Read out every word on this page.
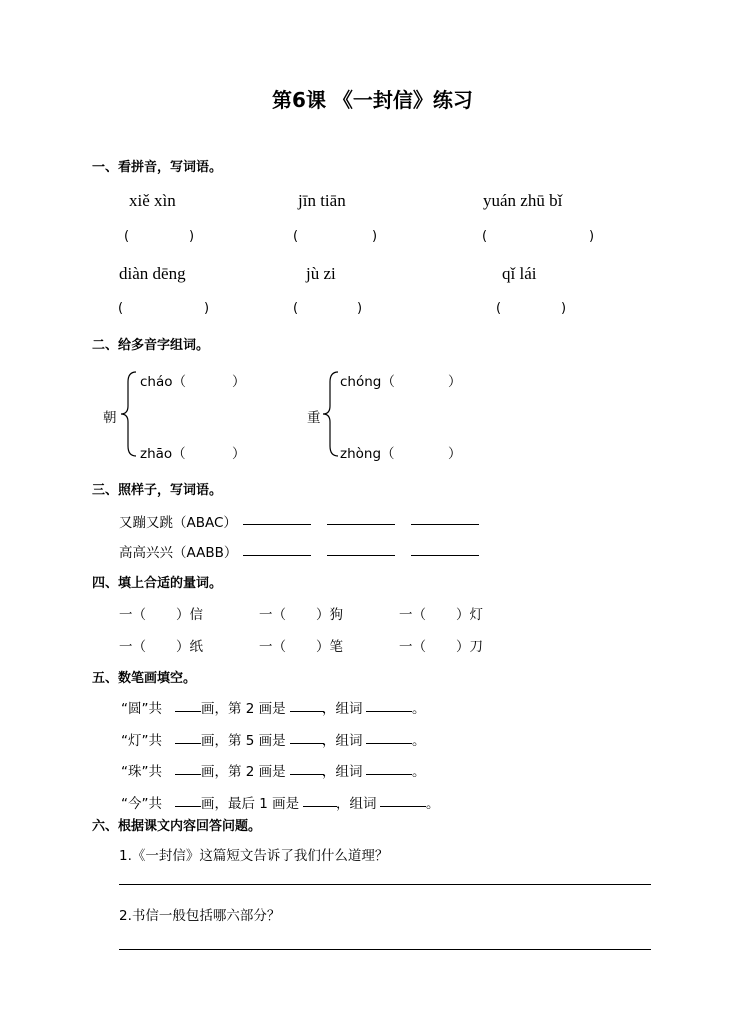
第6课 《一封信》练习
一、看拼音，写词语。
xiě xìn	jīn tiān	yuán zhū bǐ
(	)	(	)	(	)
diàn dēng	jù zi	qǐ lái
(	)	(	)	(	)
二、给多音字组词。
朝
cháo（	）
zhāo（	）
重
chóng（	）
zhòng（	）
三、照样子，写词语。
又蹦又跳（ABAC）
高高兴兴（AABB）
四、填上合适的量词。
一（ ）信	一（ ）狗	一（ ）灯
一（ ）纸	一（ ）笔	一（ ）刀
五、数笔画填空。
“圆”共	画，第 2 画是	，组词	。
“灯”共	画，第 5 画是	，组词	。
“珠”共	画，第 2 画是	，组词	。
“今”共	画，最后 1 画是	，组词	。
六、根据课文内容回答问题。
1.《一封信》这篇短文告诉了我们什么道理？
2.书信一般包括哪六部分？
